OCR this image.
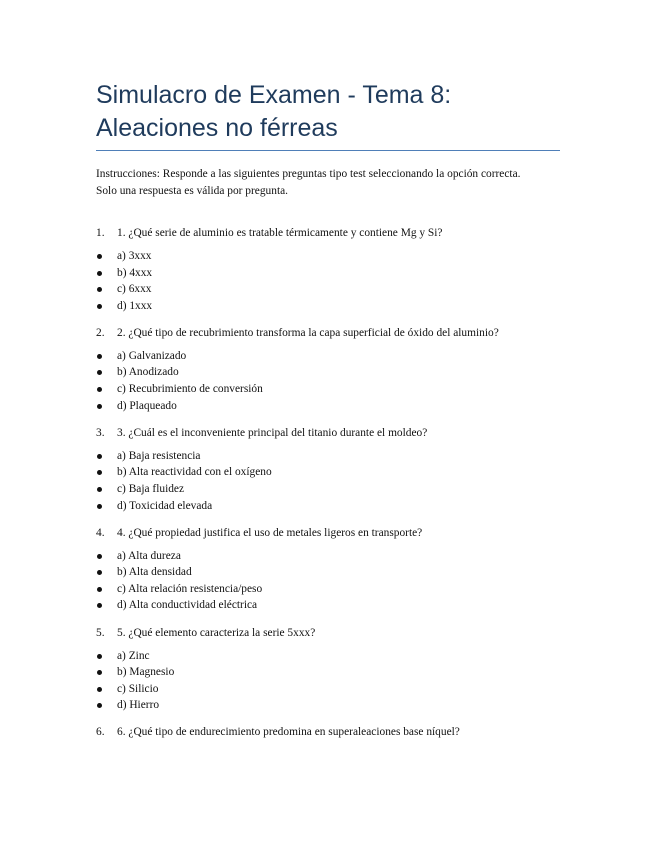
Simulacro de Examen - Tema 8: Aleaciones no férreas

Instrucciones: Responde a las siguientes preguntas tipo test seleccionando la opción correcta. Solo una respuesta es válida por pregunta.

1. 1. ¿Qué serie de aluminio es tratable térmicamente y contiene Mg y Si?
a) 3xxx
b) 4xxx
c) 6xxx
d) 1xxx
2. 2. ¿Qué tipo de recubrimiento transforma la capa superficial de óxido del aluminio?
a) Galvanizado
b) Anodizado
c) Recubrimiento de conversión
d) Plaqueado
3. 3. ¿Cuál es el inconveniente principal del titanio durante el moldeo?
a) Baja resistencia
b) Alta reactividad con el oxígeno
c) Baja fluidez
d) Toxicidad elevada
4. 4. ¿Qué propiedad justifica el uso de metales ligeros en transporte?
a) Alta dureza
b) Alta densidad
c) Alta relación resistencia/peso
d) Alta conductividad eléctrica
5. 5. ¿Qué elemento caracteriza la serie 5xxx?
a) Zinc
b) Magnesio
c) Silicio
d) Hierro
6. 6. ¿Qué tipo de endurecimiento predomina en superaleaciones base níquel?
